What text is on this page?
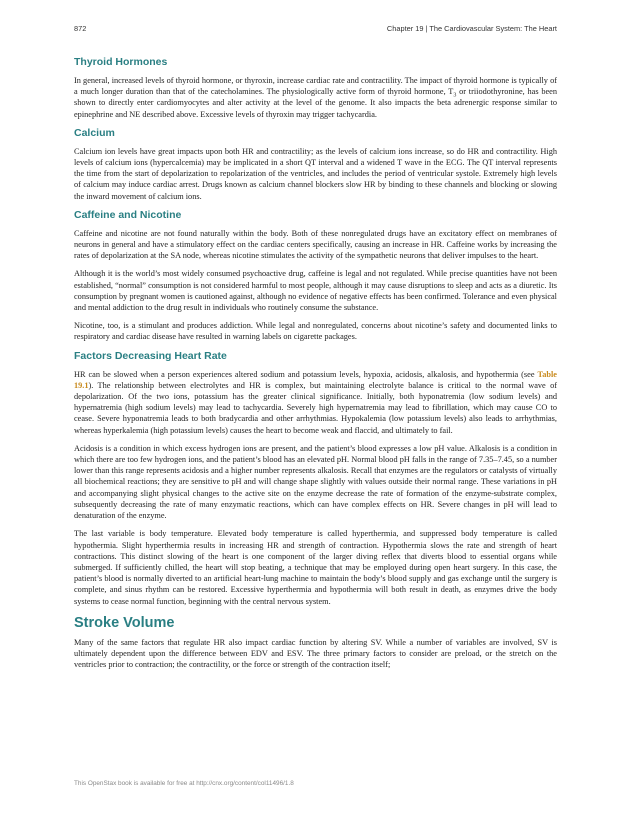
872	Chapter 19 | The Cardiovascular System: The Heart
Thyroid Hormones

In general, increased levels of thyroid hormone, or thyroxin, increase cardiac rate and contractility. The impact of thyroid hormone is typically of a much longer duration than that of the catecholamines. The physiologically active form of thyroid hormone, $T_3$ or triiodothyronine, has been shown to directly enter cardiomyocytes and alter activity at the level of the genome. It also impacts the beta adrenergic response similar to epinephrine and NE described above. Excessive levels of thyroxin may trigger tachycardia.

Calcium

Calcium ion levels have great impacts upon both HR and contractility; as the levels of calcium ions increase, so do HR and contractility. High levels of calcium ions (hypercalcemia) may be implicated in a short QT interval and a widened T wave in the ECG. The QT interval represents the time from the start of depolarization to repolarization of the ventricles, and includes the period of ventricular systole. Extremely high levels of calcium may induce cardiac arrest. Drugs known as calcium channel blockers slow HR by binding to these channels and blocking or slowing the inward movement of calcium ions.

Caffeine and Nicotine

Caffeine and nicotine are not found naturally within the body. Both of these nonregulated drugs have an excitatory effect on membranes of neurons in general and have a stimulatory effect on the cardiac centers specifically, causing an increase in HR. Caffeine works by increasing the rates of depolarization at the SA node, whereas nicotine stimulates the activity of the sympathetic neurons that deliver impulses to the heart.

Although it is the world’s most widely consumed psychoactive drug, caffeine is legal and not regulated. While precise quantities have not been established, “normal” consumption is not considered harmful to most people, although it may cause disruptions to sleep and acts as a diuretic. Its consumption by pregnant women is cautioned against, although no evidence of negative effects has been confirmed. Tolerance and even physical and mental addiction to the drug result in individuals who routinely consume the substance.

Nicotine, too, is a stimulant and produces addiction. While legal and nonregulated, concerns about nicotine’s safety and documented links to respiratory and cardiac disease have resulted in warning labels on cigarette packages.

Factors Decreasing Heart Rate

HR can be slowed when a person experiences altered sodium and potassium levels, hypoxia, acidosis, alkalosis, and hypothermia (see Table 19.1). The relationship between electrolytes and HR is complex, but maintaining electrolyte balance is critical to the normal wave of depolarization. Of the two ions, potassium has the greater clinical significance. Initially, both hyponatremia (low sodium levels) and hypernatremia (high sodium levels) may lead to tachycardia. Severely high hypernatremia may lead to fibrillation, which may cause CO to cease. Severe hyponatremia leads to both bradycardia and other arrhythmias. Hypokalemia (low potassium levels) also leads to arrhythmias, whereas hyperkalemia (high potassium levels) causes the heart to become weak and flaccid, and ultimately to fail.

Acidosis is a condition in which excess hydrogen ions are present, and the patient’s blood expresses a low pH value. Alkalosis is a condition in which there are too few hydrogen ions, and the patient’s blood has an elevated pH. Normal blood pH falls in the range of 7.35–7.45, so a number lower than this range represents acidosis and a higher number represents alkalosis. Recall that enzymes are the regulators or catalysts of virtually all biochemical reactions; they are sensitive to pH and will change shape slightly with values outside their normal range. These variations in pH and accompanying slight physical changes to the active site on the enzyme decrease the rate of formation of the enzyme-substrate complex, subsequently decreasing the rate of many enzymatic reactions, which can have complex effects on HR. Severe changes in pH will lead to denaturation of the enzyme.

The last variable is body temperature. Elevated body temperature is called hyperthermia, and suppressed body temperature is called hypothermia. Slight hyperthermia results in increasing HR and strength of contraction. Hypothermia slows the rate and strength of heart contractions. This distinct slowing of the heart is one component of the larger diving reflex that diverts blood to essential organs while submerged. If sufficiently chilled, the heart will stop beating, a technique that may be employed during open heart surgery. In this case, the patient’s blood is normally diverted to an artificial heart-lung machine to maintain the body’s blood supply and gas exchange until the surgery is complete, and sinus rhythm can be restored. Excessive hyperthermia and hypothermia will both result in death, as enzymes drive the body systems to cease normal function, beginning with the central nervous system.

Stroke Volume

Many of the same factors that regulate HR also impact cardiac function by altering SV. While a number of variables are involved, SV is ultimately dependent upon the difference between EDV and ESV. The three primary factors to consider are preload, or the stretch on the ventricles prior to contraction; the contractility, or the force or strength of the contraction itself;

This OpenStax book is available for free at http://cnx.org/content/col11496/1.8
